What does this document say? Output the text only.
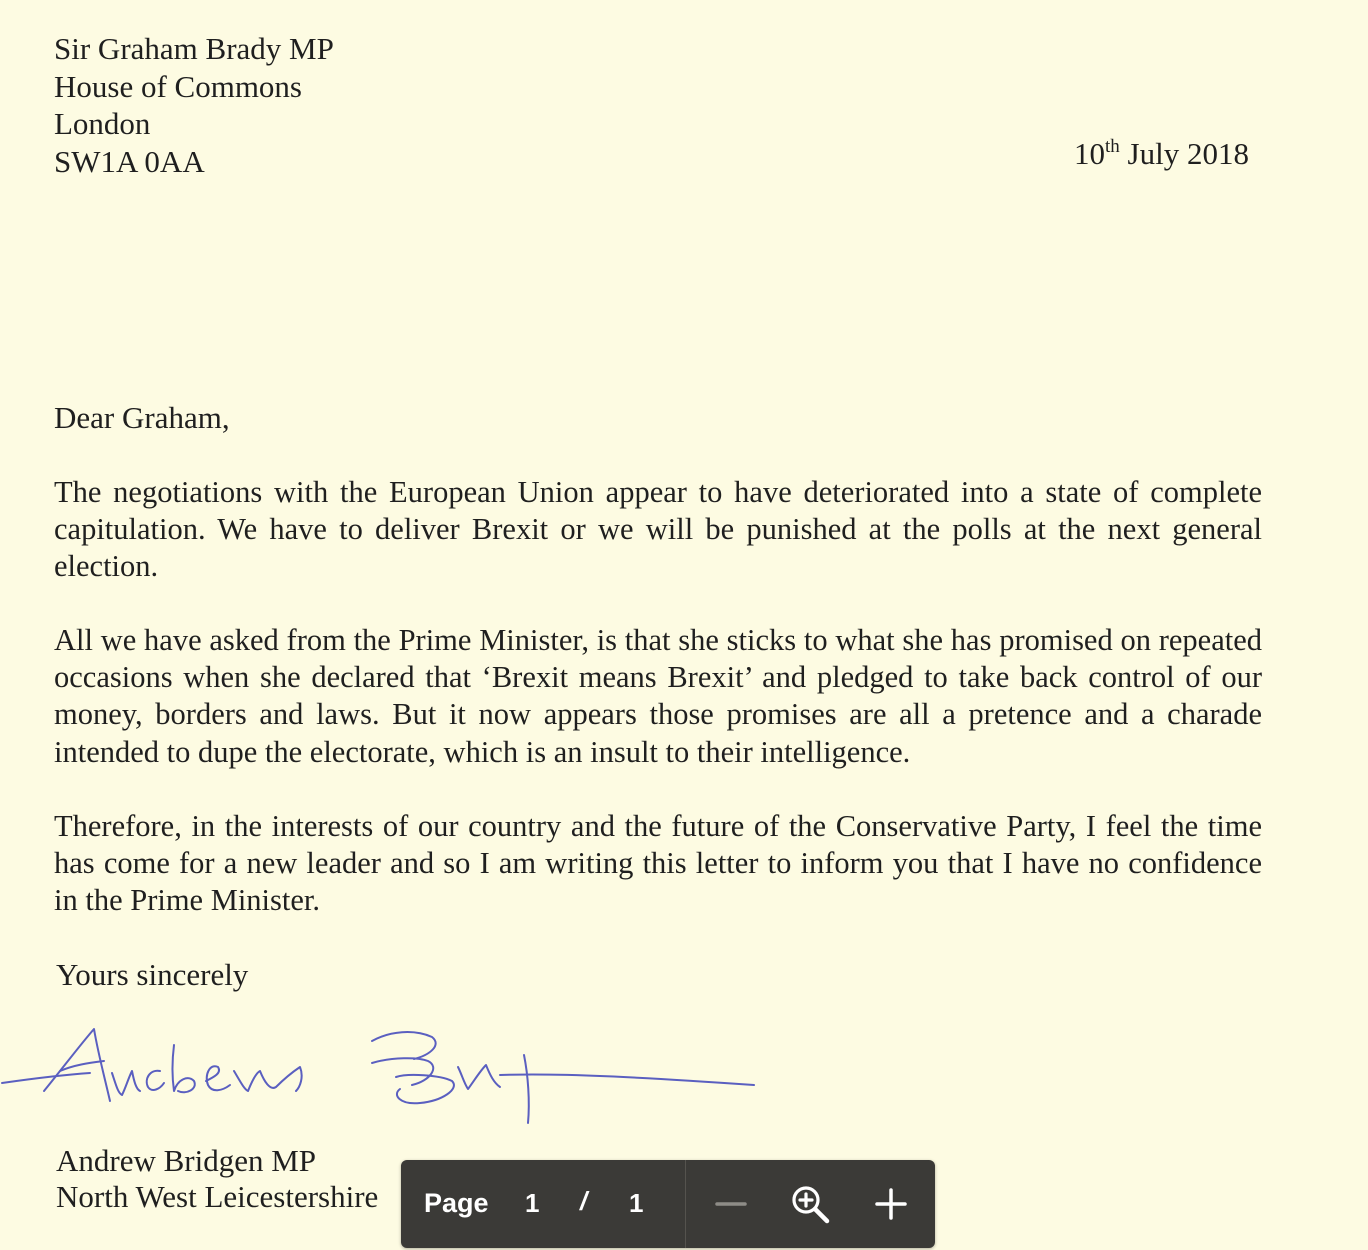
Sir Graham Brady MP
House of Commons
London
SW1A 0AA	10th July 2018
Dear Graham,
The negotiations with the European Union appear to have deteriorated into a state of complete capitulation. We have to deliver Brexit or we will be punished at the polls at the next general election.
All we have asked from the Prime Minister, is that she sticks to what she has promised on repeated occasions when she declared that ‘Brexit means Brexit’ and pledged to take back control of our money, borders and laws. But it now appears those promises are all a pretence and a charade intended to dupe the electorate, which is an insult to their intelligence.
Therefore, in the interests of our country and the future of the Conservative Party, I feel the time has come for a new leader and so I am writing this letter to inform you that I have no confidence in the Prime Minister.
Yours sincerely
Andrew Bridgen MP
North West Leicestershire Page 1 / 1
